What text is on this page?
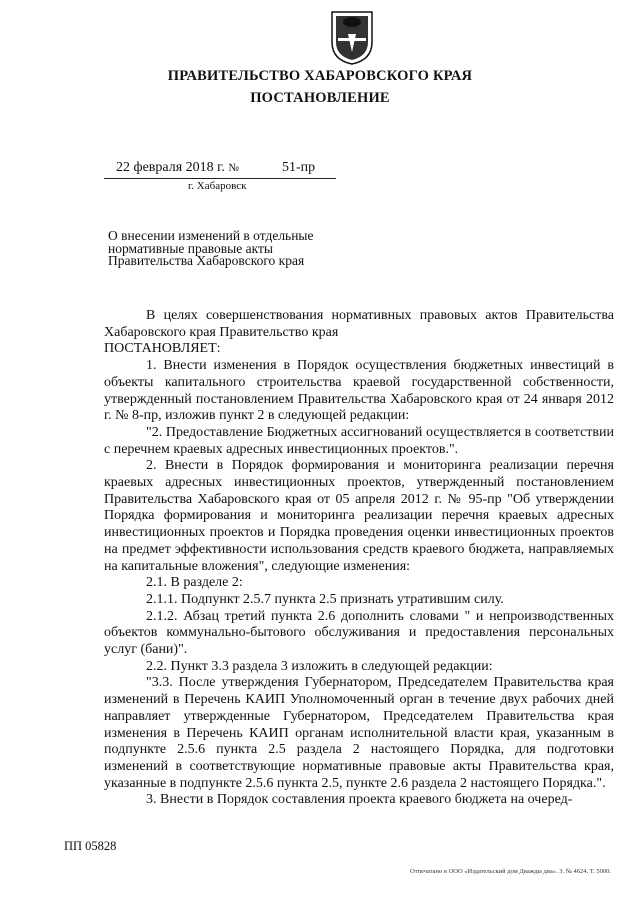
ПРАВИТЕЛЬСТВО ХАБАРОВСКОГО КРАЯ
ПОСТАНОВЛЕНИЕ
22 февраля 2018 г. №	51-пр
г. Хабаровск
О внесении изменений в отдельные нормативные правовые акты Правительства Хабаровского края

В целях совершенствования нормативных правовых актов Правительства Хабаровского края Правительство края

ПОСТАНОВЛЯЕТ:

1. Внести изменения в Порядок осуществления бюджетных инвестиций в объекты капитального строительства краевой государственной собственности, утвержденный постановлением Правительства Хабаровского края от 24 января 2012 г. № 8-пр, изложив пункт 2 в следующей редакции:

"2. Предоставление Бюджетных ассигнований осуществляется в соответствии с перечнем краевых адресных инвестиционных проектов.".

2. Внести в Порядок формирования и мониторинга реализации перечня краевых адресных инвестиционных проектов, утвержденный постановлением Правительства Хабаровского края от 05 апреля 2012 г. № 95-пр "Об утверждении Порядка формирования и мониторинга реализации перечня краевых адресных инвестиционных проектов и Порядка проведения оценки инвестиционных проектов на предмет эффективности использования средств краевого бюджета, направляемых на капитальные вложения", следующие изменения:

2.1. В разделе 2:

2.1.1. Подпункт 2.5.7 пункта 2.5 признать утратившим силу.

2.1.2. Абзац третий пункта 2.6 дополнить словами " и непроизводственных объектов коммунально-бытового обслуживания и предоставления персональных услуг (бани)".

2.2. Пункт 3.3 раздела 3 изложить в следующей редакции:

"3.3. После утверждения Губернатором, Председателем Правительства края изменений в Перечень КАИП Уполномоченный орган в течение двух рабочих дней направляет утвержденные Губернатором, Председателем Правительства края изменения в Перечень КАИП органам исполнительной власти края, указанным в подпункте 2.5.6 пункта 2.5 раздела 2 настоящего Порядка, для подготовки изменений в соответствующие нормативные правовые акты Правительства края, указанные в подпункте 2.5.6 пункта 2.5, пункте 2.6 раздела 2 настоящего Порядка.".

3. Внести в Порядок составления проекта краевого бюджета на очеред-

ПП 05828
Отпечатано в ООО «Издательский дом Дважды два». З. № 4624. Т. 5000.
